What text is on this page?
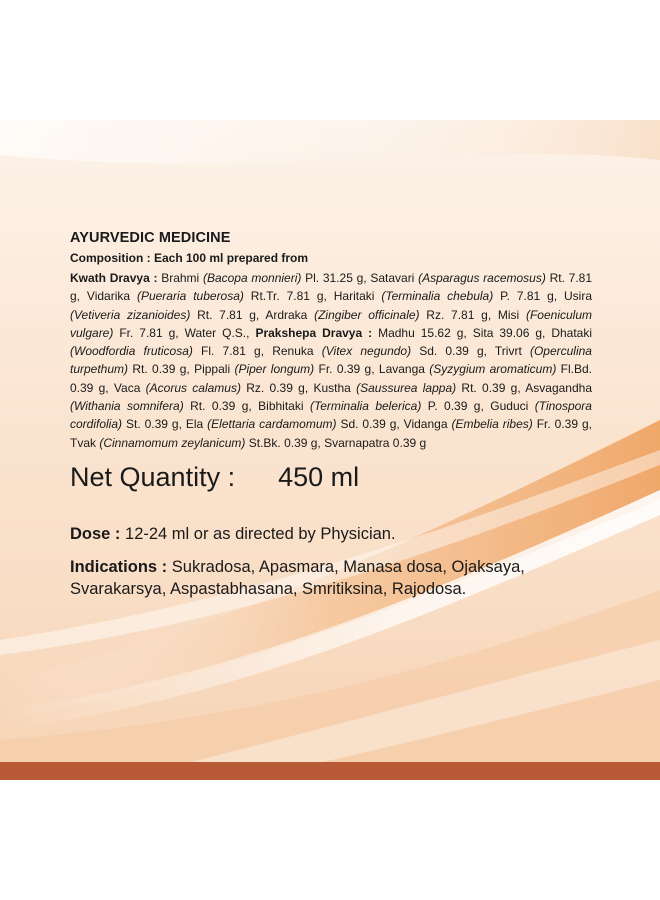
AYURVEDIC MEDICINE

Composition : Each 100 ml prepared from

Kwath Dravya : Brahmi (Bacopa monnieri) Pl. 31.25 g, Satavari (Asparagus racemosus) Rt. 7.81 g, Vidarika (Pueraria tuberosa) Rt.Tr. 7.81 g, Haritaki (Terminalia chebula) P. 7.81 g, Usira (Vetiveria zizanioides) Rt. 7.81 g, Ardraka (Zingiber officinale) Rz. 7.81 g, Misi (Foeniculum vulgare) Fr. 7.81 g, Water Q.S., Prakshepa Dravya : Madhu 15.62 g, Sita 39.06 g, Dhataki (Woodfordia fruticosa) Fl. 7.81 g, Renuka (Vitex negundo) Sd. 0.39 g, Trivrt (Operculina turpethum) Rt. 0.39 g, Pippali (Piper longum) Fr. 0.39 g, Lavanga (Syzygium aromaticum) Fl.Bd. 0.39 g, Vaca (Acorus calamus) Rz. 0.39 g, Kustha (Saussurea lappa) Rt. 0.39 g, Asvagandha (Withania somnifera) Rt. 0.39 g, Bibhitaki (Terminalia belerica) P. 0.39 g, Guduci (Tinospora cordifolia) St. 0.39 g, Ela (Elettaria cardamomum) Sd. 0.39 g, Vidanga (Embelia ribes) Fr. 0.39 g, Tvak (Cinnamomum zeylanicum) St.Bk. 0.39 g, Svarnapatra 0.39 g

Net Quantity : 450 ml
Dose : 12-24 ml or as directed by Physician.
Indications : Sukradosa, Apasmara, Manasa dosa, Ojaksaya, Svarakarsya, Aspastabhasana, Smritiksina, Rajodosa.
